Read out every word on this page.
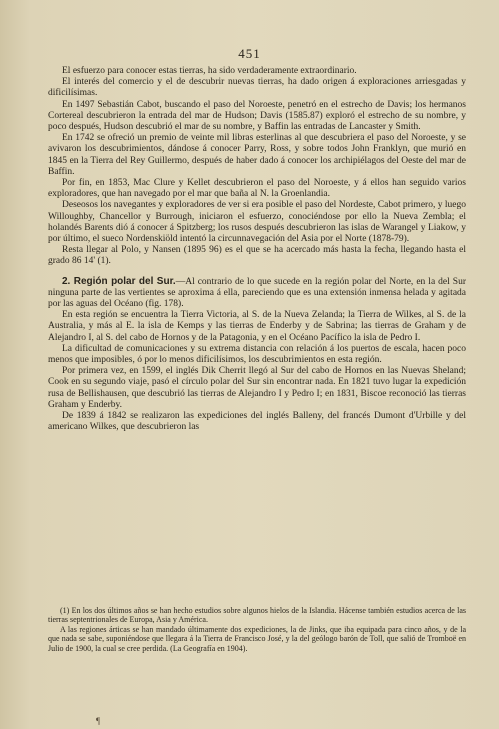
451

El esfuerzo para conocer estas tierras, ha sido verdaderamente extraordinario.

El interés del comercio y el de descubrir nuevas tierras, ha dado origen á exploraciones arriesgadas y dificilísimas.

En 1497 Sebastián Cabot, buscando el paso del Noroeste, penetró en el estrecho de Davis; los hermanos Cortereal descubrieron la entrada del mar de Hudson; Davis (1585.87) exploró el estrecho de su nombre, y poco después, Hudson descubrió el mar de su nombre, y Baffin las entradas de Lancaster y Smith.

En 1742 se ofreció un premio de veinte mil libras esterlinas al que descubriera el paso del Noroeste, y se avivaron los descubrimientos, dándose á conocer Parry, Ross, y sobre todos John Franklyn, que murió en 1845 en la Tierra del Rey Guillermo, después de haber dado á conocer los archipiélagos del Oeste del mar de Baffin.

Por fin, en 1853, Mac Clure y Kellet descubrieron el paso del Noroeste, y á ellos han seguido varios exploradores, que han navegado por el mar que baña al N. la Groenlandia.

Deseosos los navegantes y exploradores de ver si era posible el paso del Nordeste, Cabot primero, y luego Willoughby, Chancellor y Burrough, iniciaron el esfuerzo, conociéndose por ello la Nueva Zembla; el holandés Barents dió á conocer á Spitzberg; los rusos después descubrieron las islas de Warangel y Liakow, y por último, el sueco Nordenskiöld intentó la circunnavegación del Asia por el Norte (1878-79).

Resta llegar al Polo, y Nansen (1895 96) es el que se ha acercado más hasta la fecha, llegando hasta el grado 86 14' (1).

2. Región polar del Sur.—Al contrario de lo que sucede en la región polar del Norte, en la del Sur ninguna parte de las vertientes se aproxima á ella, pareciendo que es una extensión inmensa helada y agitada por las aguas del Océano (fig. 178).

En esta región se encuentra la Tierra Victoria, al S. de la Nueva Zelanda; la Tierra de Wilkes, al S. de la Australia, y más al E. la isla de Kemps y las tierras de Enderby y de Sabrina; las tierras de Graham y de Alejandro I, al S. del cabo de Hornos y de la Patagonia, y en el Océano Pacífico la isla de Pedro I.

La dificultad de comunicaciones y su extrema distancia con relación á los puertos de escala, hacen poco menos que imposibles, ó por lo menos dificilísimos, los descubrimientos en esta región.

Por primera vez, en 1599, el inglés Dik Cherrit llegó al Sur del cabo de Hornos en las Nuevas Sheland; Cook en su segundo viaje, pasó el círculo polar del Sur sin encontrar nada. En 1821 tuvo lugar la expedición rusa de Bellishausen, que descubrió las tierras de Alejandro I y Pedro I; en 1831, Biscoe reconoció las tierras Graham y Enderby.

De 1839 á 1842 se realizaron las expediciones del inglés Balleny, del francés Dumont d'Urbille y del americano Wilkes, que descubrieron las

(1) En los dos últimos años se han hecho estudios sobre algunos hielos de la Islandia. Hácense también estudios acerca de las tierras septentrionales de Europa, Asia y América.

A las regiones árticas se han mandado últimamente dos expediciones, la de Jinks, que iba equipada para cinco años, y de la que nada se sabe, suponiéndose que llegara á la Tierra de Francisco José, y la del geólogo barón de Toll, que salió de Tromboë en Julio de 1900, la cual se cree perdida. (La Geografía en 1904).

¶
